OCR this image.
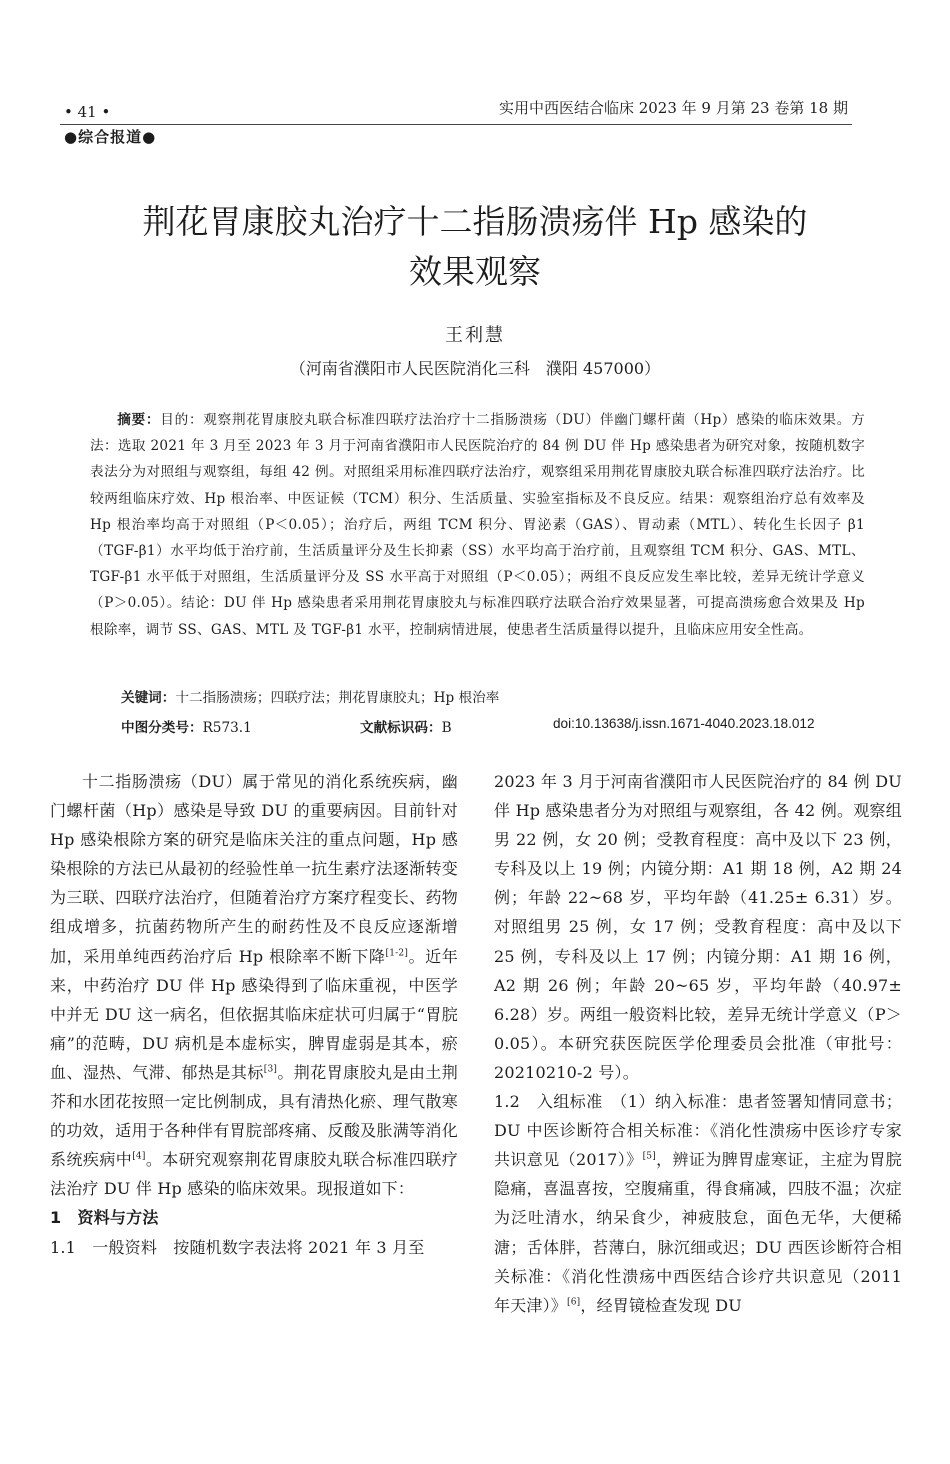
• 41 •	实用中西医结合临床 2023 年 9 月第 23 卷第 18 期
●综合报道●
荆花胃康胶丸治疗十二指肠溃疡伴 Hp 感染的
效果观察
王利慧
（河南省濮阳市人民医院消化三科　濮阳 457000）
摘要：目的：观察荆花胃康胶丸联合标准四联疗法治疗十二指肠溃疡（DU）伴幽门螺杆菌（Hp）感染的临床效果。方法：选取 2021 年 3 月至 2023 年 3 月于河南省濮阳市人民医院治疗的 84 例 DU 伴 Hp 感染患者为研究对象，按随机数字表法分为对照组与观察组，每组 42 例。对照组采用标准四联疗法治疗，观察组采用荆花胃康胶丸联合标准四联疗法治疗。比较两组临床疗效、Hp 根治率、中医证候（TCM）积分、生活质量、实验室指标及不良反应。结果：观察组治疗总有效率及 Hp 根治率均高于对照组（P＜0.05）；治疗后，两组 TCM 积分、胃泌素（GAS）、胃动素（MTL）、转化生长因子 β1（TGF-β1）水平均低于治疗前，生活质量评分及生长抑素（SS）水平均高于治疗前，且观察组 TCM 积分、GAS、MTL、TGF-β1 水平低于对照组，生活质量评分及 SS 水平高于对照组（P＜0.05）；两组不良反应发生率比较，差异无统计学意义（P＞0.05）。结论：DU 伴 Hp 感染患者采用荆花胃康胶丸与标准四联疗法联合治疗效果显著，可提高溃疡愈合效果及 Hp 根除率，调节 SS、GAS、MTL 及 TGF-β1 水平，控制病情进展，使患者生活质量得以提升，且临床应用安全性高。
关键词：十二指肠溃疡；四联疗法；荆花胃康胶丸；Hp 根治率
中图分类号：R573.1	文献标识码：B	doi:10.13638/j.issn.1671-4040.2023.18.012

十二指肠溃疡（DU）属于常见的消化系统疾病，幽门螺杆菌（Hp）感染是导致 DU 的重要病因。目前针对 Hp 感染根除方案的研究是临床关注的重点问题，Hp 感染根除的方法已从最初的经验性单一抗生素疗法逐渐转变为三联、四联疗法治疗，但随着治疗方案疗程变长、药物组成增多，抗菌药物所产生的耐药性及不良反应逐渐增加，采用单纯西药治疗后 Hp 根除率不断下降[1-2]。近年来，中药治疗 DU 伴 Hp 感染得到了临床重视，中医学中并无 DU 这一病名，但依据其临床症状可归属于“胃脘痛”的范畴，DU 病机是本虚标实，脾胃虚弱是其本，瘀血、湿热、气滞、郁热是其标[3]。荆花胃康胶丸是由土荆芥和水团花按照一定比例制成，具有清热化瘀、理气散寒的功效，适用于各种伴有胃脘部疼痛、反酸及胀满等消化系统疾病中[4]。本研究观察荆花胃康胶丸联合标准四联疗法治疗 DU 伴 Hp 感染的临床效果。现报道如下：

1　资料与方法

1.1　一般资料　 按随机数字表法将 2021 年 3 月至

2023 年 3 月于河南省濮阳市人民医院治疗的 84 例 DU 伴 Hp 感染患者分为对照组与观察组，各 42 例。观察组男 22 例，女 20 例；受教育程度：高中及以下 23 例，专科及以上 19 例；内镜分期：A1 期 18 例，A2 期 24 例；年龄 22~68 岁，平均年龄（41.25± 6.31）岁。对照组男 25 例，女 17 例；受教育程度：高中及以下 25 例，专科及以上 17 例；内镜分期：A1 期 16 例，A2 期 26 例；年龄 20~65 岁，平均年龄（40.97± 6.28）岁。两组一般资料比较，差异无统计学意义（P＞0.05）。本研究获医院医学伦理委员会批准（审批号：20210210-2 号）。

1.2　入组标准　 （1）纳入标准：患者签署知情同意书；DU 中医诊断符合相关标准：《消化性溃疡中医诊疗专家共识意见（2017）》[5]，辨证为脾胃虚寒证，主症为胃脘隐痛，喜温喜按，空腹痛重，得食痛减，四肢不温；次症为泛吐清水，纳呆食少，神疲肢怠，面色无华，大便稀溏；舌体胖，苔薄白，脉沉细或迟；DU 西医诊断符合相关标准：《消化性溃疡中西医结合诊疗共识意见（2011 年天津）》[6]，经胃镜检查发现 DU
